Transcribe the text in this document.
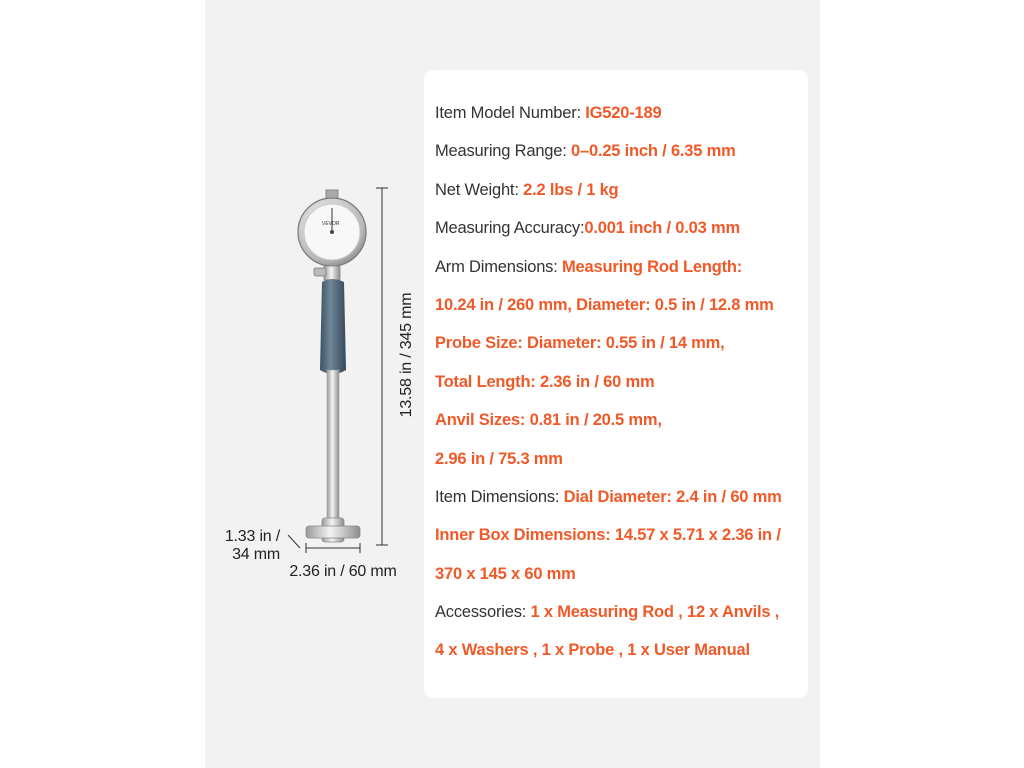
Item Model Number: IG520-189
Measuring Range: 0–0.25 inch / 6.35 mm
Net Weight: 2.2 lbs / 1 kg
Measuring Accuracy:0.001 inch / 0.03 mm
Arm Dimensions: Measuring Rod Length:
10.24 in / 260 mm, Diameter: 0.5 in / 12.8 mm
Probe Size: Diameter: 0.55 in / 14 mm,
Total Length: 2.36 in / 60 mm
Anvil Sizes: 0.81 in / 20.5 mm,
2.96 in / 75.3 mm
Item Dimensions: Dial Diameter: 2.4 in / 60 mm
Inner Box Dimensions: 14.57 x 5.71 x 2.36 in /
370 x 145 x 60 mm
Accessories: 1 x Measuring Rod , 12 x Anvils ,
4 x Washers , 1 x Probe , 1 x User Manual
VEVOR
13.58 in / 345 mm
1.33 in /
34 mm
2.36 in / 60 mm
